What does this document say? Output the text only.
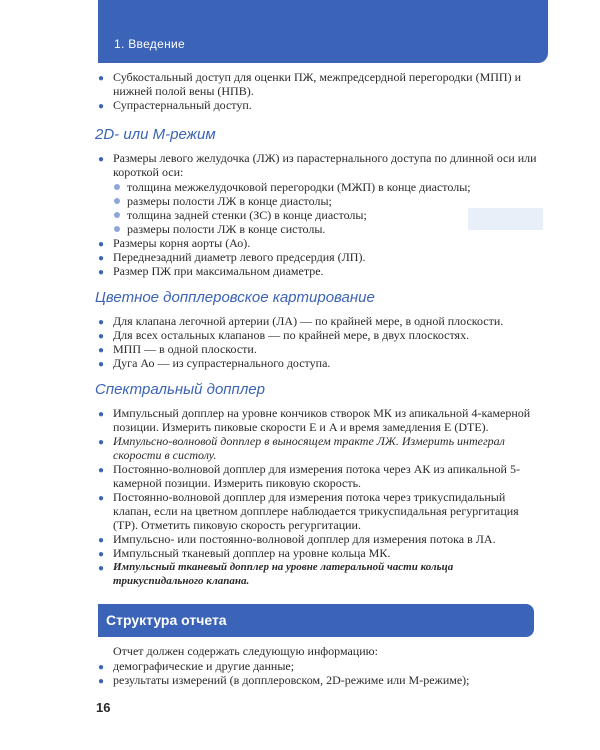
1. Введение
● Субкостальный доступ для оценки ПЖ, межпредсердной перегородки (МПП) и нижней полой вены (НПВ).
● Супрастернальный доступ.
2D- или М-режим
● Размеры левого желудочка (ЛЖ) из парастернального доступа по длинной оси или короткой оси:
толщина межжелудочковой перегородки (МЖП) в конце диастолы;
размеры полости ЛЖ в конце диастолы;
толщина задней стенки (ЗС) в конце диастолы;
размеры полости ЛЖ в конце систолы.
● Размеры корня аорты (Ао).
● Переднезадний диаметр левого предсердия (ЛП).
● Размер ПЖ при максимальном диаметре.
Цветное допплеровское картирование
● Для клапана легочной артерии (ЛА) — по крайней мере, в одной плоскости.
● Для всех остальных клапанов — по крайней мере, в двух плоскостях.
● МПП — в одной плоскости.
● Дуга Ао — из супрастернального доступа.
Спектральный допплер
● Импульсный допплер на уровне кончиков створок МК из апикальной 4-камерной позиции. Измерить пиковые скорости E и A и время замедления E (DTE).
● Импульсно-волновой допплер в выносящем тракте ЛЖ. Измерить интеграл скорости в систолу.
● Постоянно-волновой допплер для измерения потока через АК из апикальной 5-камерной позиции. Измерить пиковую скорость.
● Постоянно-волновой допплер для измерения потока через трикуспидальный клапан, если на цветном допплере наблюдается трикуспидальная регургитация (ТР). Отметить пиковую скорость регургитации.
● Импульсно- или постоянно-волновой допплер для измерения потока в ЛА.
● Импульсный тканевый допплер на уровне кольца МК.
● Импульсный тканевый допплер на уровне латеральной части кольца трикуспидального клапана.
Структура отчета
Отчет должен содержать следующую информацию:
● демографические и другие данные;
● результаты измерений (в допплеровском, 2D-режиме или М-режиме);
16
